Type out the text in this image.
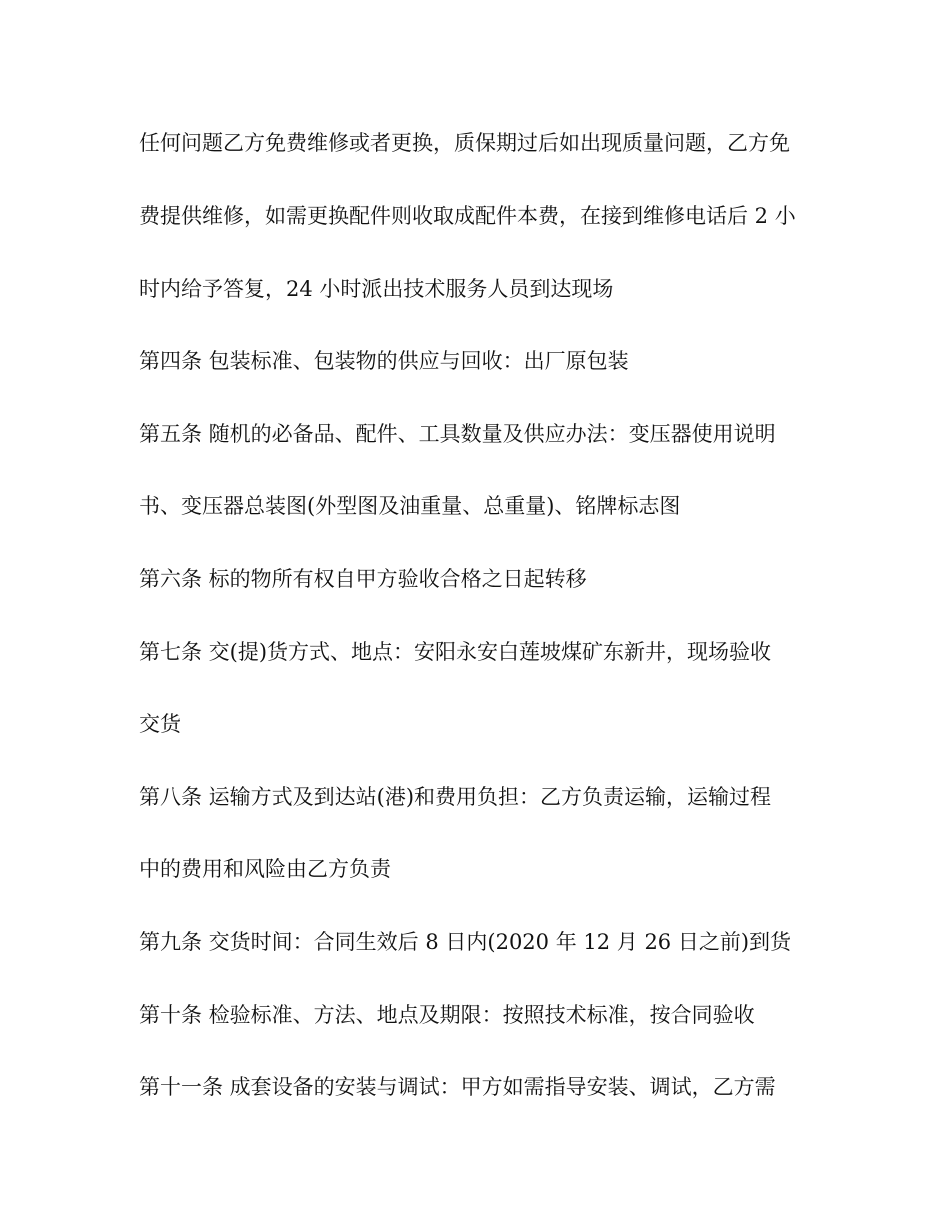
任何问题乙方免费维修或者更换，质保期过后如出现质量问题，乙方免
费提供维修，如需更换配件则收取成配件本费，在接到维修电话后 2 小
时内给予答复，24 小时派出技术服务人员到达现场
第四条 包装标准、包装物的供应与回收：出厂原包装
第五条 随机的必备品、配件、工具数量及供应办法：变压器使用说明
书、变压器总装图(外型图及油重量、总重量)、铭牌标志图
第六条 标的物所有权自甲方验收合格之日起转移
第七条 交(提)货方式、地点：安阳永安白莲坡煤矿东新井，现场验收
交货
第八条 运输方式及到达站(港)和费用负担：乙方负责运输，运输过程
中的费用和风险由乙方负责
第九条 交货时间：合同生效后 8 日内(2020 年 12 月 26 日之前)到货
第十条 检验标准、方法、地点及期限：按照技术标准，按合同验收
第十一条 成套设备的安装与调试：甲方如需指导安装、调试，乙方需
